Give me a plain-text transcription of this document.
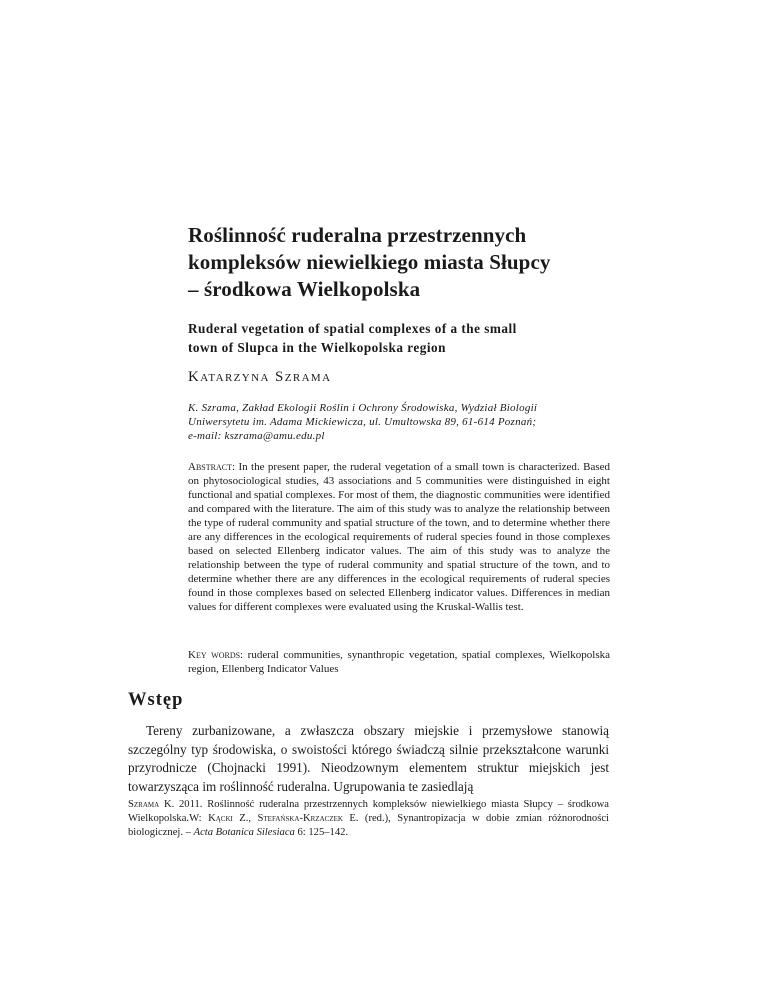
Roślinność ruderalna przestrzennych
kompleksów niewielkiego miasta Słupcy
– środkowa Wielkopolska
Ruderal vegetation of spatial complexes of a the small
town of Slupca in the Wielkopolska region

Katarzyna Szrama

K. Szrama, Zakład Ekologii Roślin i Ochrony Środowiska, Wydział Biologii
Uniwersytetu im. Adama Mickiewicza, ul. Umultowska 89, 61-614 Poznań;
e-mail: kszrama@amu.edu.pl

Abstract: In the present paper, the ruderal vegetation of a small town is characterized. Based on phytosociological studies, 43 associations and 5 communities were distinguished in eight functional and spatial complexes. For most of them, the diagnostic communities were identified and compared with the literature. The aim of this study was to analyze the relationship between the type of ruderal community and spatial structure of the town, and to determine whether there are any differences in the ecological requirements of ruderal species found in those complexes based on selected Ellenberg indicator values. The aim of this study was to analyze the relationship between the type of ruderal community and spatial structure of the town, and to determine whether there are any differences in the ecological requirements of ruderal species found in those complexes based on selected Ellenberg indicator values. Differences in median values for different complexes were evaluated using the Kruskal-Wallis test.

Key words: ruderal communities, synanthropic vegetation, spatial complexes, Wielkopolska region, Ellenberg Indicator Values

Wstęp

Tereny zurbanizowane, a zwłaszcza obszary miejskie i przemysłowe stanowią szczególny typ środowiska, o swoistości którego świadczą silnie przekształcone warunki przyrodnicze (Chojnacki 1991). Nieodzownym elementem struktur miejskich jest towarzysząca im roślinność ruderalna. Ugrupowania te zasiedlają

Szrama K. 2011. Roślinność ruderalna przestrzennych kompleksów niewielkiego miasta Słupcy – środkowa Wielkopolska.W: Kącki Z., Stefańska-Krzaczek E. (red.), Synantropizacja w dobie zmian różnorodności biologicznej. – Acta Botanica Silesiaca 6: 125–142.
